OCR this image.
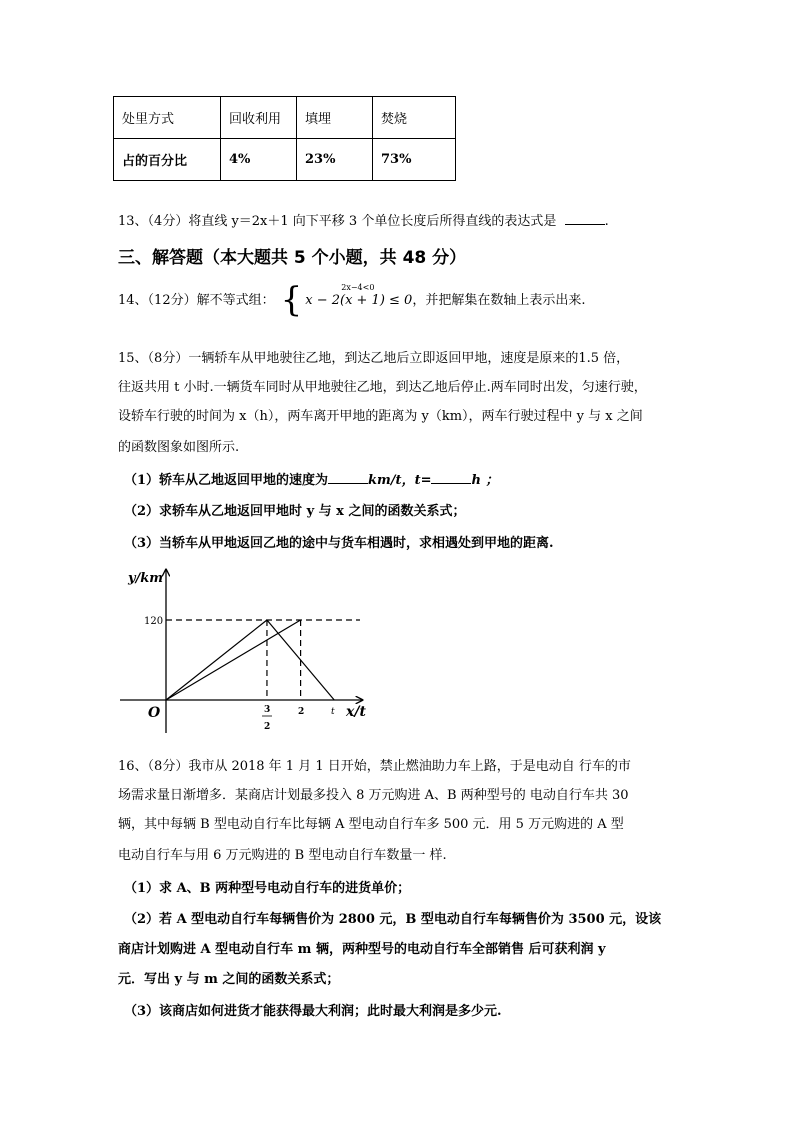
处里方式	回收利用	填埋	焚烧
占的百分比	4%	23%	73%
13、（4分）将直线 y＝2x＋1 向下平移 3 个单位长度后所得直线的表达式是	.
三、解答题（本大题共 5 个小题，共 48 分）
14、（12分）解不等式组： {	2x−4<0
x − 2(x + 1) ≤ 0 ，并把解集在数轴上表示出来.
15、（8分）一辆轿车从甲地驶往乙地，到达乙地后立即返回甲地，速度是原来的1.5 倍，
往返共用 t 小时.一辆货车同时从甲地驶往乙地，到达乙地后停止.两车同时出发，匀速行驶，
设轿车行驶的时间为 x（h），两车离开甲地的距离为 y（km），两车行驶过程中 y 与 x 之间
的函数图象如图所示.
（1）轿车从乙地返回甲地的速度为	km/t，t=	h ；
（2）求轿车从乙地返回甲地时 y 与 x 之间的函数关系式；
（3）当轿车从甲地返回乙地的途中与货车相遇时，求相遇处到甲地的距离.
y/km
120
O	x/t
3
2
2	t
16、（8分）我市从 2018 年 1 月 1 日开始，禁止燃油助力车上路，于是电动自 行车的市
场需求量日渐增多．某商店计划最多投入 8 万元购进 A、B 两种型号的 电动自行车共 30
辆，其中每辆 B 型电动自行车比每辆 A 型电动自行车多 500 元．用 5 万元购进的 A 型
电动自行车与用 6 万元购进的 B 型电动自行车数量一 样.
（1）求 A、B 两种型号电动自行车的进货单价；
（2）若 A 型电动自行车每辆售价为 2800 元，B 型电动自行车每辆售价为 3500 元，设该
商店计划购进 A 型电动自行车 m 辆，两种型号的电动自行车全部销售 后可获利润 y
元．写出 y 与 m 之间的函数关系式；
（3）该商店如何进货才能获得最大利润；此时最大利润是多少元.
